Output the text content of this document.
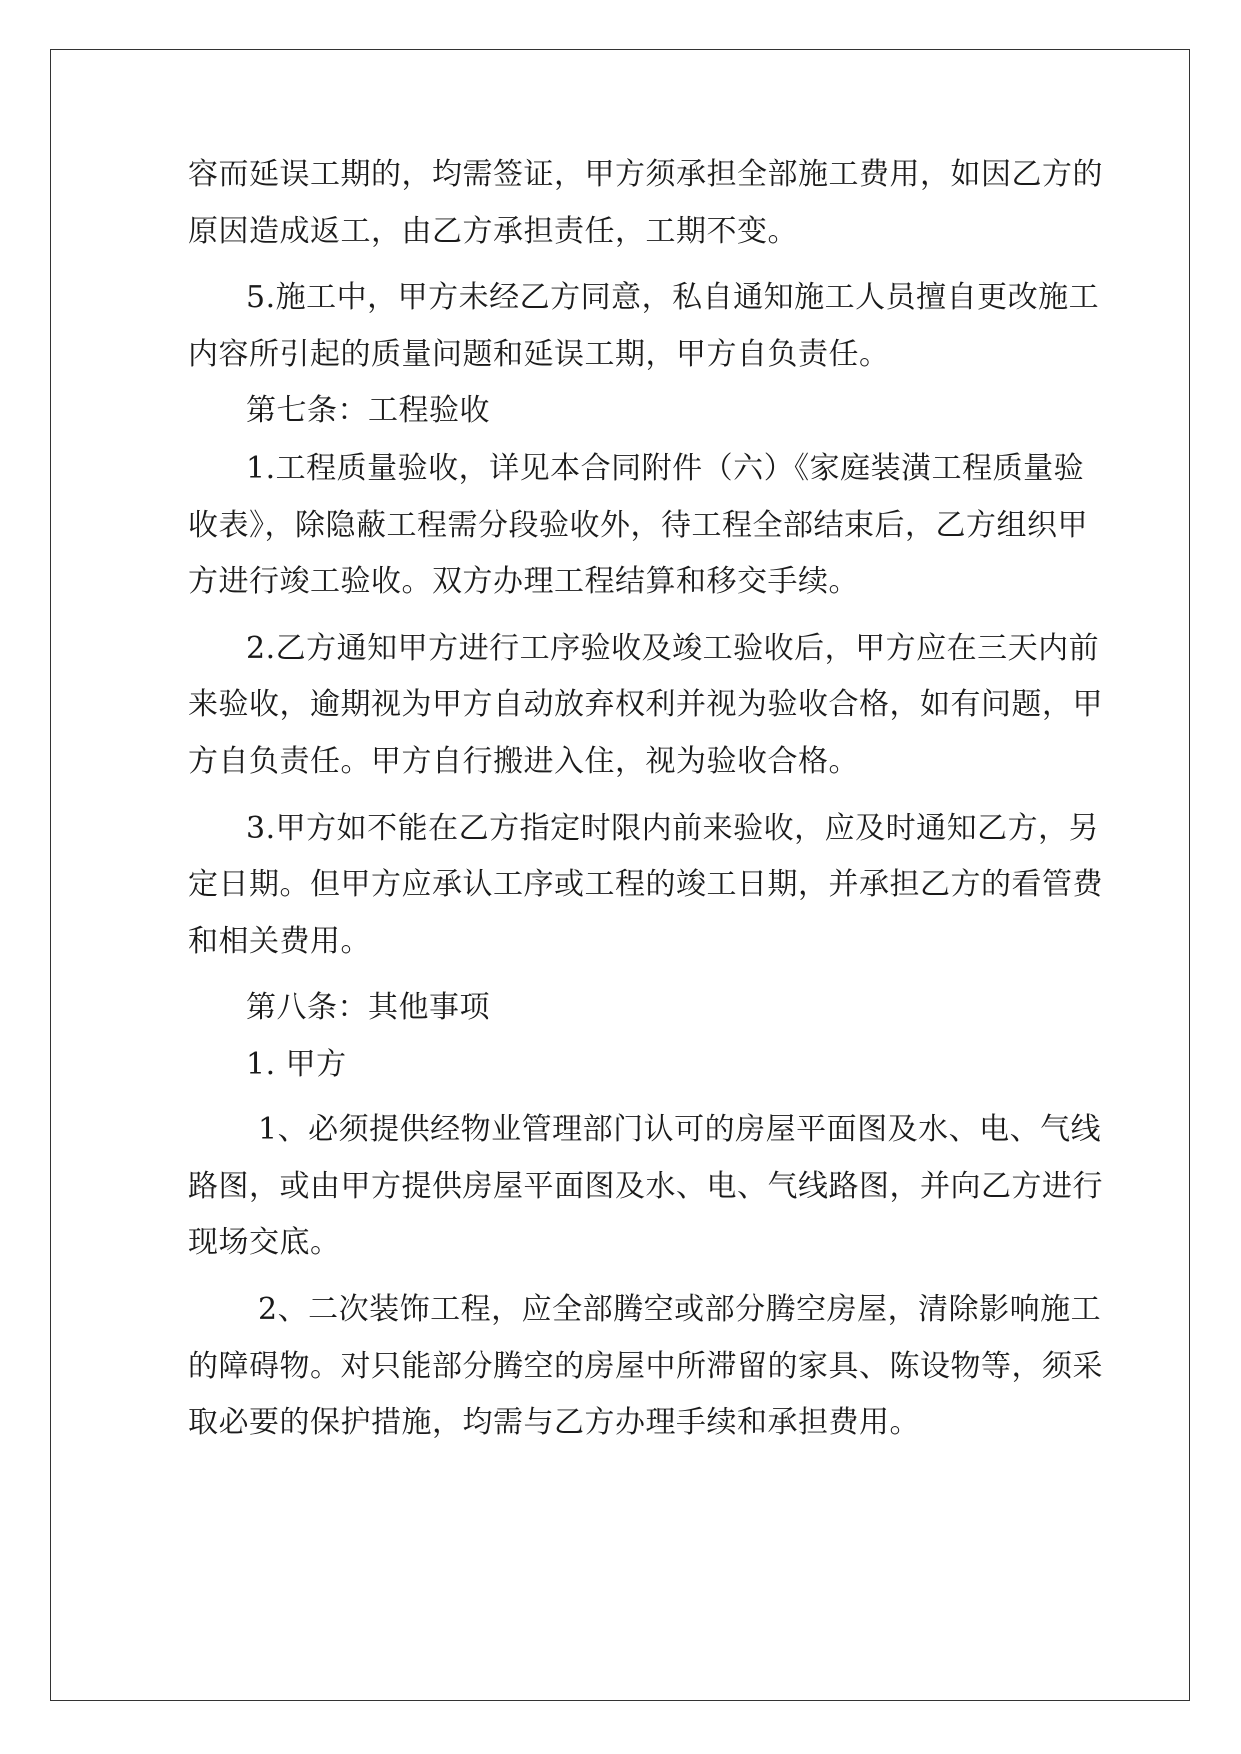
容而延误工期的，均需签证，甲方须承担全部施工费用，如因乙方的
原因造成返工，由乙方承担责任，工期不变。
5.施工中，甲方未经乙方同意，私自通知施工人员擅自更改施工
内容所引起的质量问题和延误工期，甲方自负责任。
第七条：工程验收
1.工程质量验收，详见本合同附件（六）《家庭装潢工程质量验
收表》，除隐蔽工程需分段验收外，待工程全部结束后，乙方组织甲
方进行竣工验收。双方办理工程结算和移交手续。
2.乙方通知甲方进行工序验收及竣工验收后，甲方应在三天内前
来验收，逾期视为甲方自动放弃权利并视为验收合格，如有问题，甲
方自负责任。甲方自行搬进入住，视为验收合格。
3.甲方如不能在乙方指定时限内前来验收，应及时通知乙方，另
定日期。但甲方应承认工序或工程的竣工日期，并承担乙方的看管费
和相关费用。
第八条：其他事项
1. 甲方
1、必须提供经物业管理部门认可的房屋平面图及水、电、气线
路图，或由甲方提供房屋平面图及水、电、气线路图，并向乙方进行
现场交底。
2、二次装饰工程，应全部腾空或部分腾空房屋，清除影响施工
的障碍物。对只能部分腾空的房屋中所滞留的家具、陈设物等，须采
取必要的保护措施，均需与乙方办理手续和承担费用。
